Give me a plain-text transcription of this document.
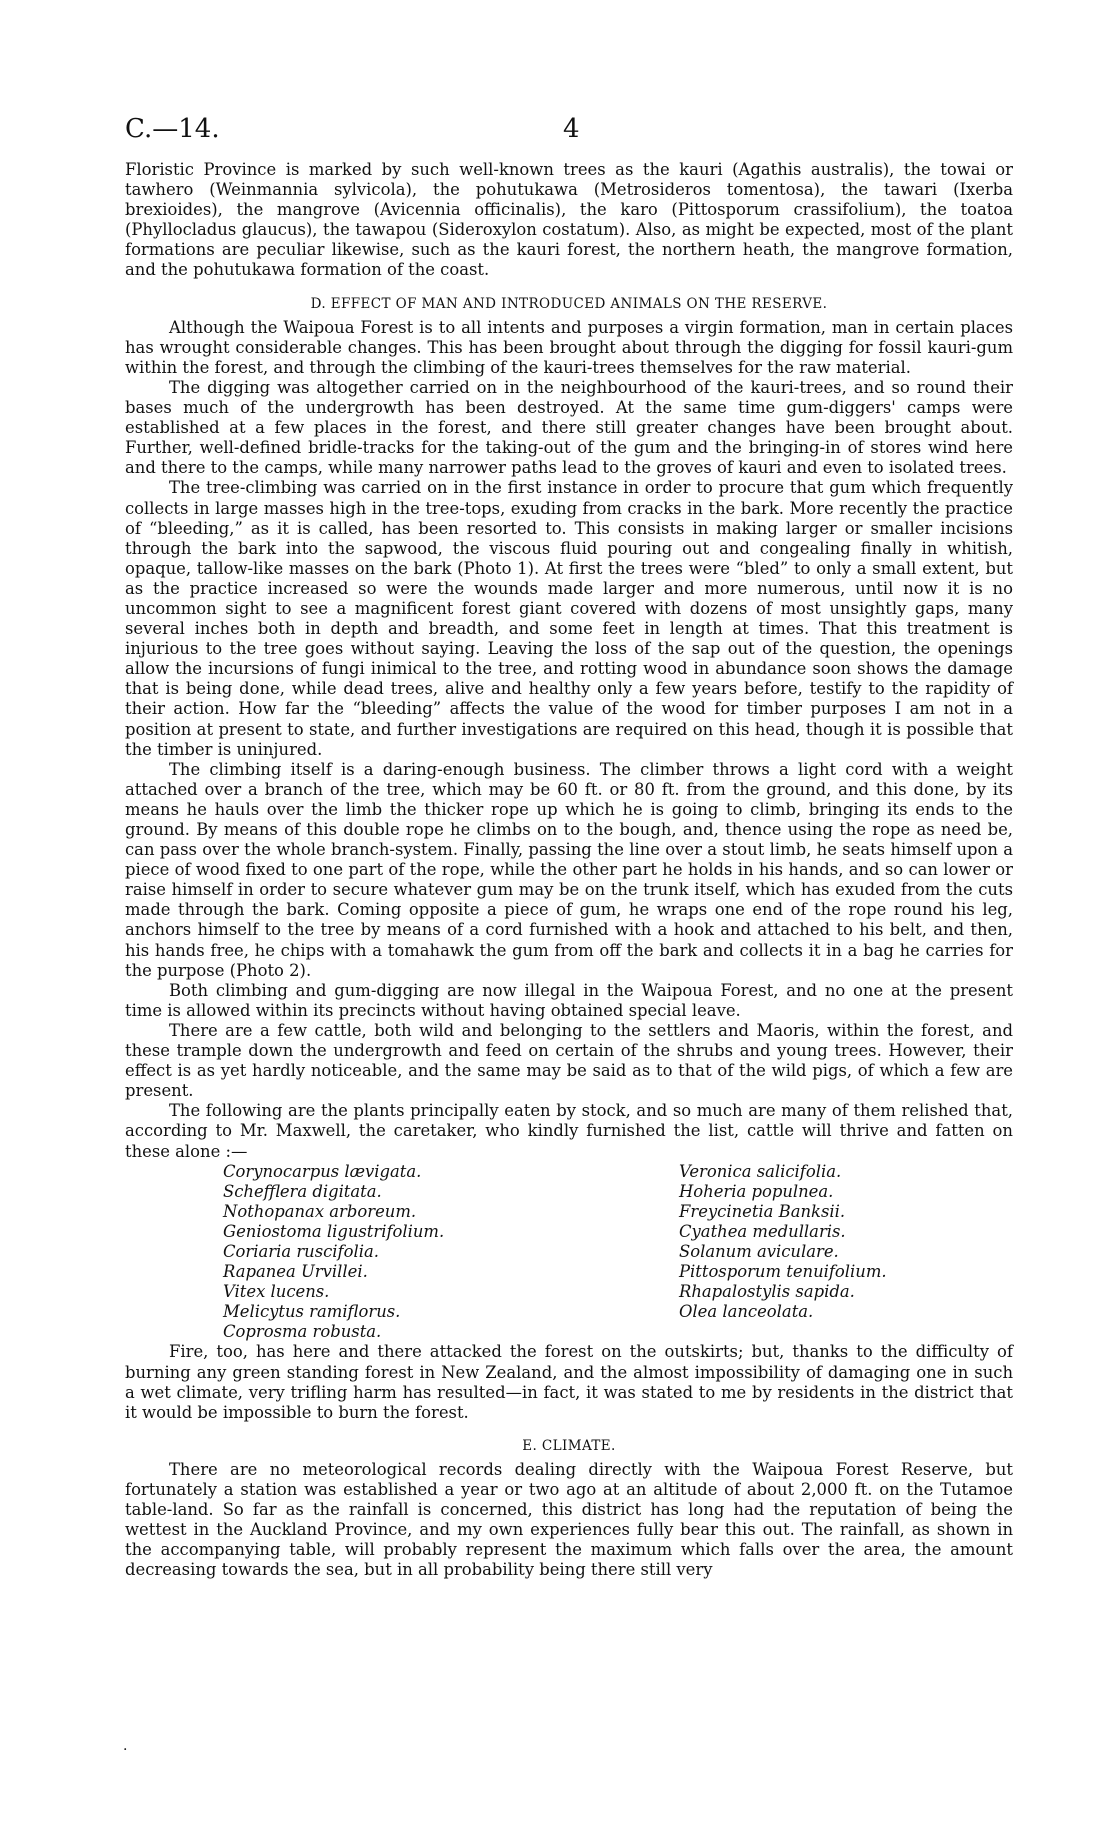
C.—14.	4

Floristic Province is marked by such well-known trees as the kauri (Agathis australis), the towai or tawhero (Weinmannia sylvicola), the pohutukawa (Metrosideros tomentosa), the tawari (Ixerba brexioides), the mangrove (Avicennia officinalis), the karo (Pittosporum crassifolium), the toatoa (Phyllocladus glaucus), the tawapou (Sideroxylon costatum). Also, as might be expected, most of the plant formations are peculiar likewise, such as the kauri forest, the northern heath, the mangrove formation, and the pohutukawa formation of the coast.

D. EFFECT OF MAN AND INTRODUCED ANIMALS ON THE RESERVE.

Although the Waipoua Forest is to all intents and purposes a virgin formation, man in certain places has wrought considerable changes. This has been brought about through the digging for fossil kauri-gum within the forest, and through the climbing of the kauri-trees themselves for the raw material.

The digging was altogether carried on in the neighbourhood of the kauri-trees, and so round their bases much of the undergrowth has been destroyed. At the same time gum-diggers' camps were established at a few places in the forest, and there still greater changes have been brought about. Further, well-defined bridle-tracks for the taking-out of the gum and the bringing-in of stores wind here and there to the camps, while many narrower paths lead to the groves of kauri and even to isolated trees.

The tree-climbing was carried on in the first instance in order to procure that gum which frequently collects in large masses high in the tree-tops, exuding from cracks in the bark. More recently the practice of “bleeding,” as it is called, has been resorted to. This consists in making larger or smaller incisions through the bark into the sapwood, the viscous fluid pouring out and congealing finally in whitish, opaque, tallow-like masses on the bark (Photo 1). At first the trees were “bled” to only a small extent, but as the practice increased so were the wounds made larger and more numerous, until now it is no uncommon sight to see a magnificent forest giant covered with dozens of most unsightly gaps, many several inches both in depth and breadth, and some feet in length at times. That this treatment is injurious to the tree goes without saying. Leaving the loss of the sap out of the question, the openings allow the incursions of fungi inimical to the tree, and rotting wood in abundance soon shows the damage that is being done, while dead trees, alive and healthy only a few years before, testify to the rapidity of their action. How far the “bleeding” affects the value of the wood for timber purposes I am not in a position at present to state, and further investigations are required on this head, though it is possible that the timber is uninjured.

The climbing itself is a daring-enough business. The climber throws a light cord with a weight attached over a branch of the tree, which may be 60 ft. or 80 ft. from the ground, and this done, by its means he hauls over the limb the thicker rope up which he is going to climb, bringing its ends to the ground. By means of this double rope he climbs on to the bough, and, thence using the rope as need be, can pass over the whole branch-system. Finally, passing the line over a stout limb, he seats himself upon a piece of wood fixed to one part of the rope, while the other part he holds in his hands, and so can lower or raise himself in order to secure whatever gum may be on the trunk itself, which has exuded from the cuts made through the bark. Coming opposite a piece of gum, he wraps one end of the rope round his leg, anchors himself to the tree by means of a cord furnished with a hook and attached to his belt, and then, his hands free, he chips with a tomahawk the gum from off the bark and collects it in a bag he carries for the purpose (Photo 2).

Both climbing and gum-digging are now illegal in the Waipoua Forest, and no one at the present time is allowed within its precincts without having obtained special leave.

There are a few cattle, both wild and belonging to the settlers and Maoris, within the forest, and these trample down the undergrowth and feed on certain of the shrubs and young trees. However, their effect is as yet hardly noticeable, and the same may be said as to that of the wild pigs, of which a few are present.

The following are the plants principally eaten by stock, and so much are many of them relished that, according to Mr. Maxwell, the caretaker, who kindly furnished the list, cattle will thrive and fatten on these alone :—

Corynocarpus lævigata.
Schefflera digitata.
Nothopanax arboreum.
Geniostoma ligustrifolium.
Coriaria ruscifolia.
Rapanea Urvillei.
Vitex lucens.
Melicytus ramiflorus.
Coprosma robusta.
Veronica salicifolia.
Hoheria populnea.
Freycinetia Banksii.
Cyathea medullaris.
Solanum aviculare.
Pittosporum tenuifolium.
Rhapalostylis sapida.
Olea lanceolata.

Fire, too, has here and there attacked the forest on the outskirts; but, thanks to the difficulty of burning any green standing forest in New Zealand, and the almost impossibility of damaging one in such a wet climate, very trifling harm has resulted—in fact, it was stated to me by residents in the district that it would be impossible to burn the forest.

E. CLIMATE.

There are no meteorological records dealing directly with the Waipoua Forest Reserve, but fortunately a station was established a year or two ago at an altitude of about 2,000 ft. on the Tutamoe table-land. So far as the rainfall is concerned, this district has long had the reputation of being the wettest in the Auckland Province, and my own experiences fully bear this out. The rainfall, as shown in the accompanying table, will probably represent the maximum which falls over the area, the amount decreasing towards the sea, but in all probability being there still very

·
